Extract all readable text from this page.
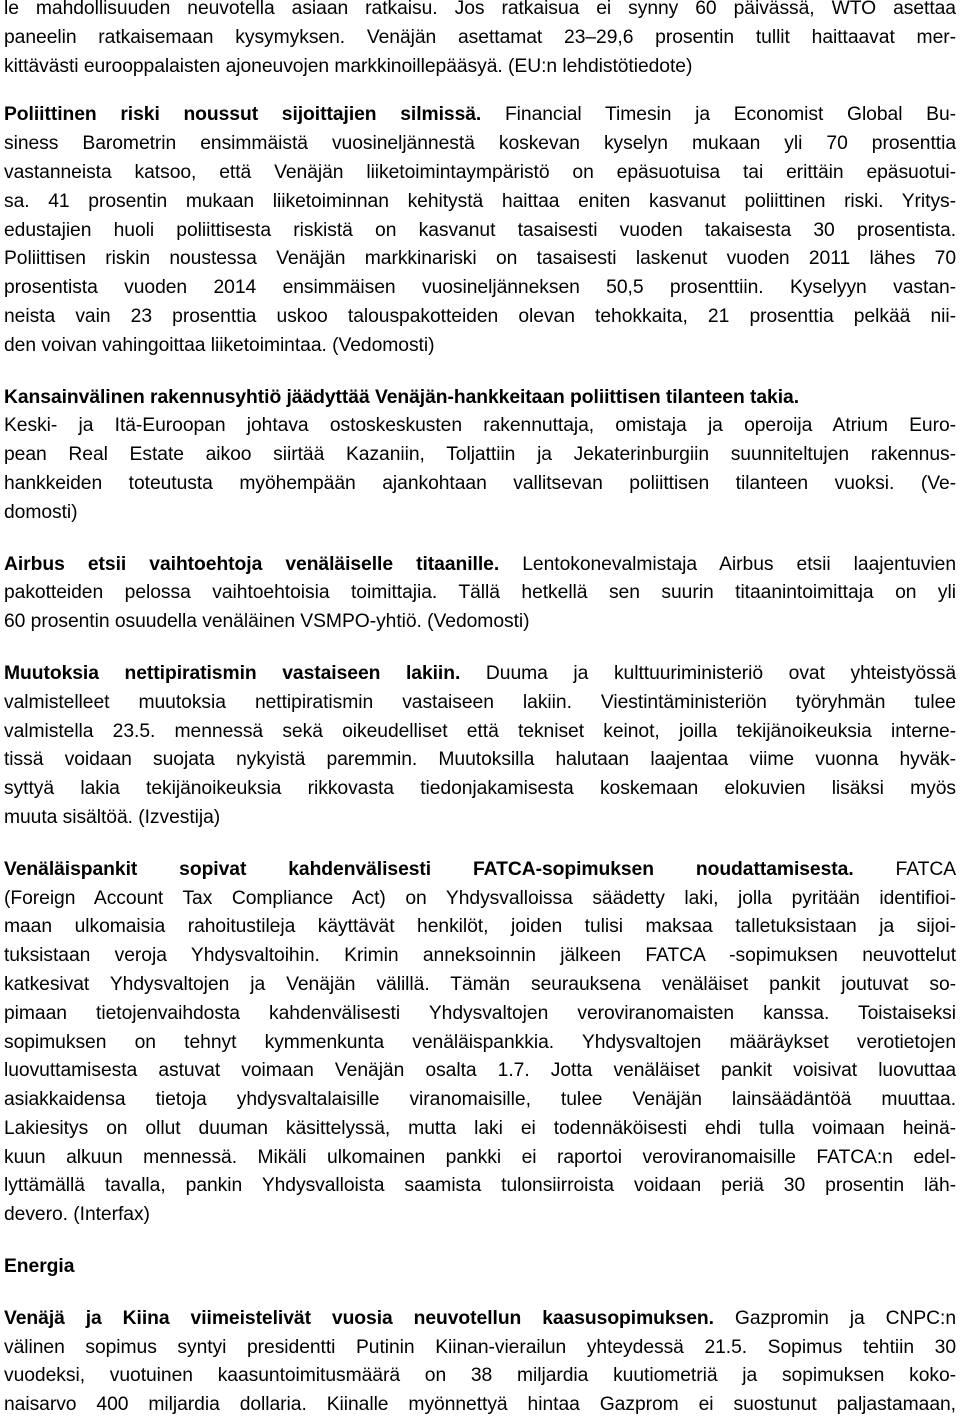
le mahdollisuuden neuvotella asiaan ratkaisu. Jos ratkaisua ei synny 60 päivässä, WTO asettaa
paneelin ratkaisemaan kysymyksen. Venäjän asettamat 23–29,6 prosentin tullit haittaavat mer-
kittävästi eurooppalaisten ajoneuvojen markkinoillepääsyä. (EU:n lehdistötiedote)
Poliittinen riski noussut sijoittajien silmissä. Financial Timesin ja Economist Global Bu-
siness Barometrin ensimmäistä vuosineljännestä koskevan kyselyn mukaan yli 70 prosenttia
vastanneista katsoo, että Venäjän liiketoimintaympäristö on epäsuotuisa tai erittäin epäsuotui-
sa. 41 prosentin mukaan liiketoiminnan kehitystä haittaa eniten kasvanut poliittinen riski. Yritys-
edustajien huoli poliittisesta riskistä on kasvanut tasaisesti vuoden takaisesta 30 prosentista.
Poliittisen riskin noustessa Venäjän markkinariski on tasaisesti laskenut vuoden 2011 lähes 70
prosentista vuoden 2014 ensimmäisen vuosineljänneksen 50,5 prosenttiin. Kyselyyn vastan-
neista vain 23 prosenttia uskoo talouspakotteiden olevan tehokkaita, 21 prosenttia pelkää nii-
den voivan vahingoittaa liiketoimintaa. (Vedomosti)
Kansainvälinen rakennusyhtiö jäädyttää Venäjän-hankkeitaan poliittisen tilanteen takia.
Keski- ja Itä-Euroopan johtava ostoskeskusten rakennuttaja, omistaja ja operoija Atrium Euro-
pean Real Estate aikoo siirtää Kazaniin, Toljattiin ja Jekaterinburgiin suunniteltujen rakennus-
hankkeiden toteutusta myöhempään ajankohtaan vallitsevan poliittisen tilanteen vuoksi. (Ve-
domosti)
Airbus etsii vaihtoehtoja venäläiselle titaanille. Lentokonevalmistaja Airbus etsii laajentuvien
pakotteiden pelossa vaihtoehtoisia toimittajia. Tällä hetkellä sen suurin titaanintoimittaja on yli
60 prosentin osuudella venäläinen VSMPO-yhtiö. (Vedomosti)
Muutoksia nettipiratismin vastaiseen lakiin. Duuma ja kulttuuriministeriö ovat yhteistyössä
valmistelleet muutoksia nettipiratismin vastaiseen lakiin. Viestintäministeriön työryhmän tulee
valmistella 23.5. mennessä sekä oikeudelliset että tekniset keinot, joilla tekijänoikeuksia interne-
tissä voidaan suojata nykyistä paremmin. Muutoksilla halutaan laajentaa viime vuonna hyväk-
syttyä lakia tekijänoikeuksia rikkovasta tiedonjakamisesta koskemaan elokuvien lisäksi myös
muuta sisältöä. (Izvestija)
Venäläispankit sopivat kahdenvälisesti FATCA-sopimuksen noudattamisesta. FATCA
(Foreign Account Tax Compliance Act) on Yhdysvalloissa säädetty laki, jolla pyritään identifioi-
maan ulkomaisia rahoitustileja käyttävät henkilöt, joiden tulisi maksaa talletuksistaan ja sijoi-
tuksistaan veroja Yhdysvaltoihin. Krimin anneksoinnin jälkeen FATCA -sopimuksen neuvottelut
katkesivat Yhdysvaltojen ja Venäjän välillä. Tämän seurauksena venäläiset pankit joutuvat so-
pimaan tietojenvaihdosta kahdenvälisesti Yhdysvaltojen veroviranomaisten kanssa. Toistaiseksi
sopimuksen on tehnyt kymmenkunta venäläispankkia. Yhdysvaltojen määräykset verotietojen
luovuttamisesta astuvat voimaan Venäjän osalta 1.7. Jotta venäläiset pankit voisivat luovuttaa
asiakkaidensa tietoja yhdysvaltalaisille viranomaisille, tulee Venäjän lainsäädäntöä muuttaa.
Lakiesitys on ollut duuman käsittelyssä, mutta laki ei todennäköisesti ehdi tulla voimaan heinä-
kuun alkuun mennessä. Mikäli ulkomainen pankki ei raportoi veroviranomaisille FATCA:n edel-
lyttämällä tavalla, pankin Yhdysvalloista saamista tulonsiirroista voidaan periä 30 prosentin läh-
devero. (Interfax)
Energia
Venäjä ja Kiina viimeistelivät vuosia neuvotellun kaasusopimuksen. Gazpromin ja CNPC:n
välinen sopimus syntyi presidentti Putinin Kiinan-vierailun yhteydessä 21.5. Sopimus tehtiin 30
vuodeksi, vuotuinen kaasuntoimitusmäärä on 38 miljardia kuutiometriä ja sopimuksen koko-
naisarvo 400 miljardia dollaria. Kiinalle myönnettyä hintaa Gazprom ei suostunut paljastamaan,
